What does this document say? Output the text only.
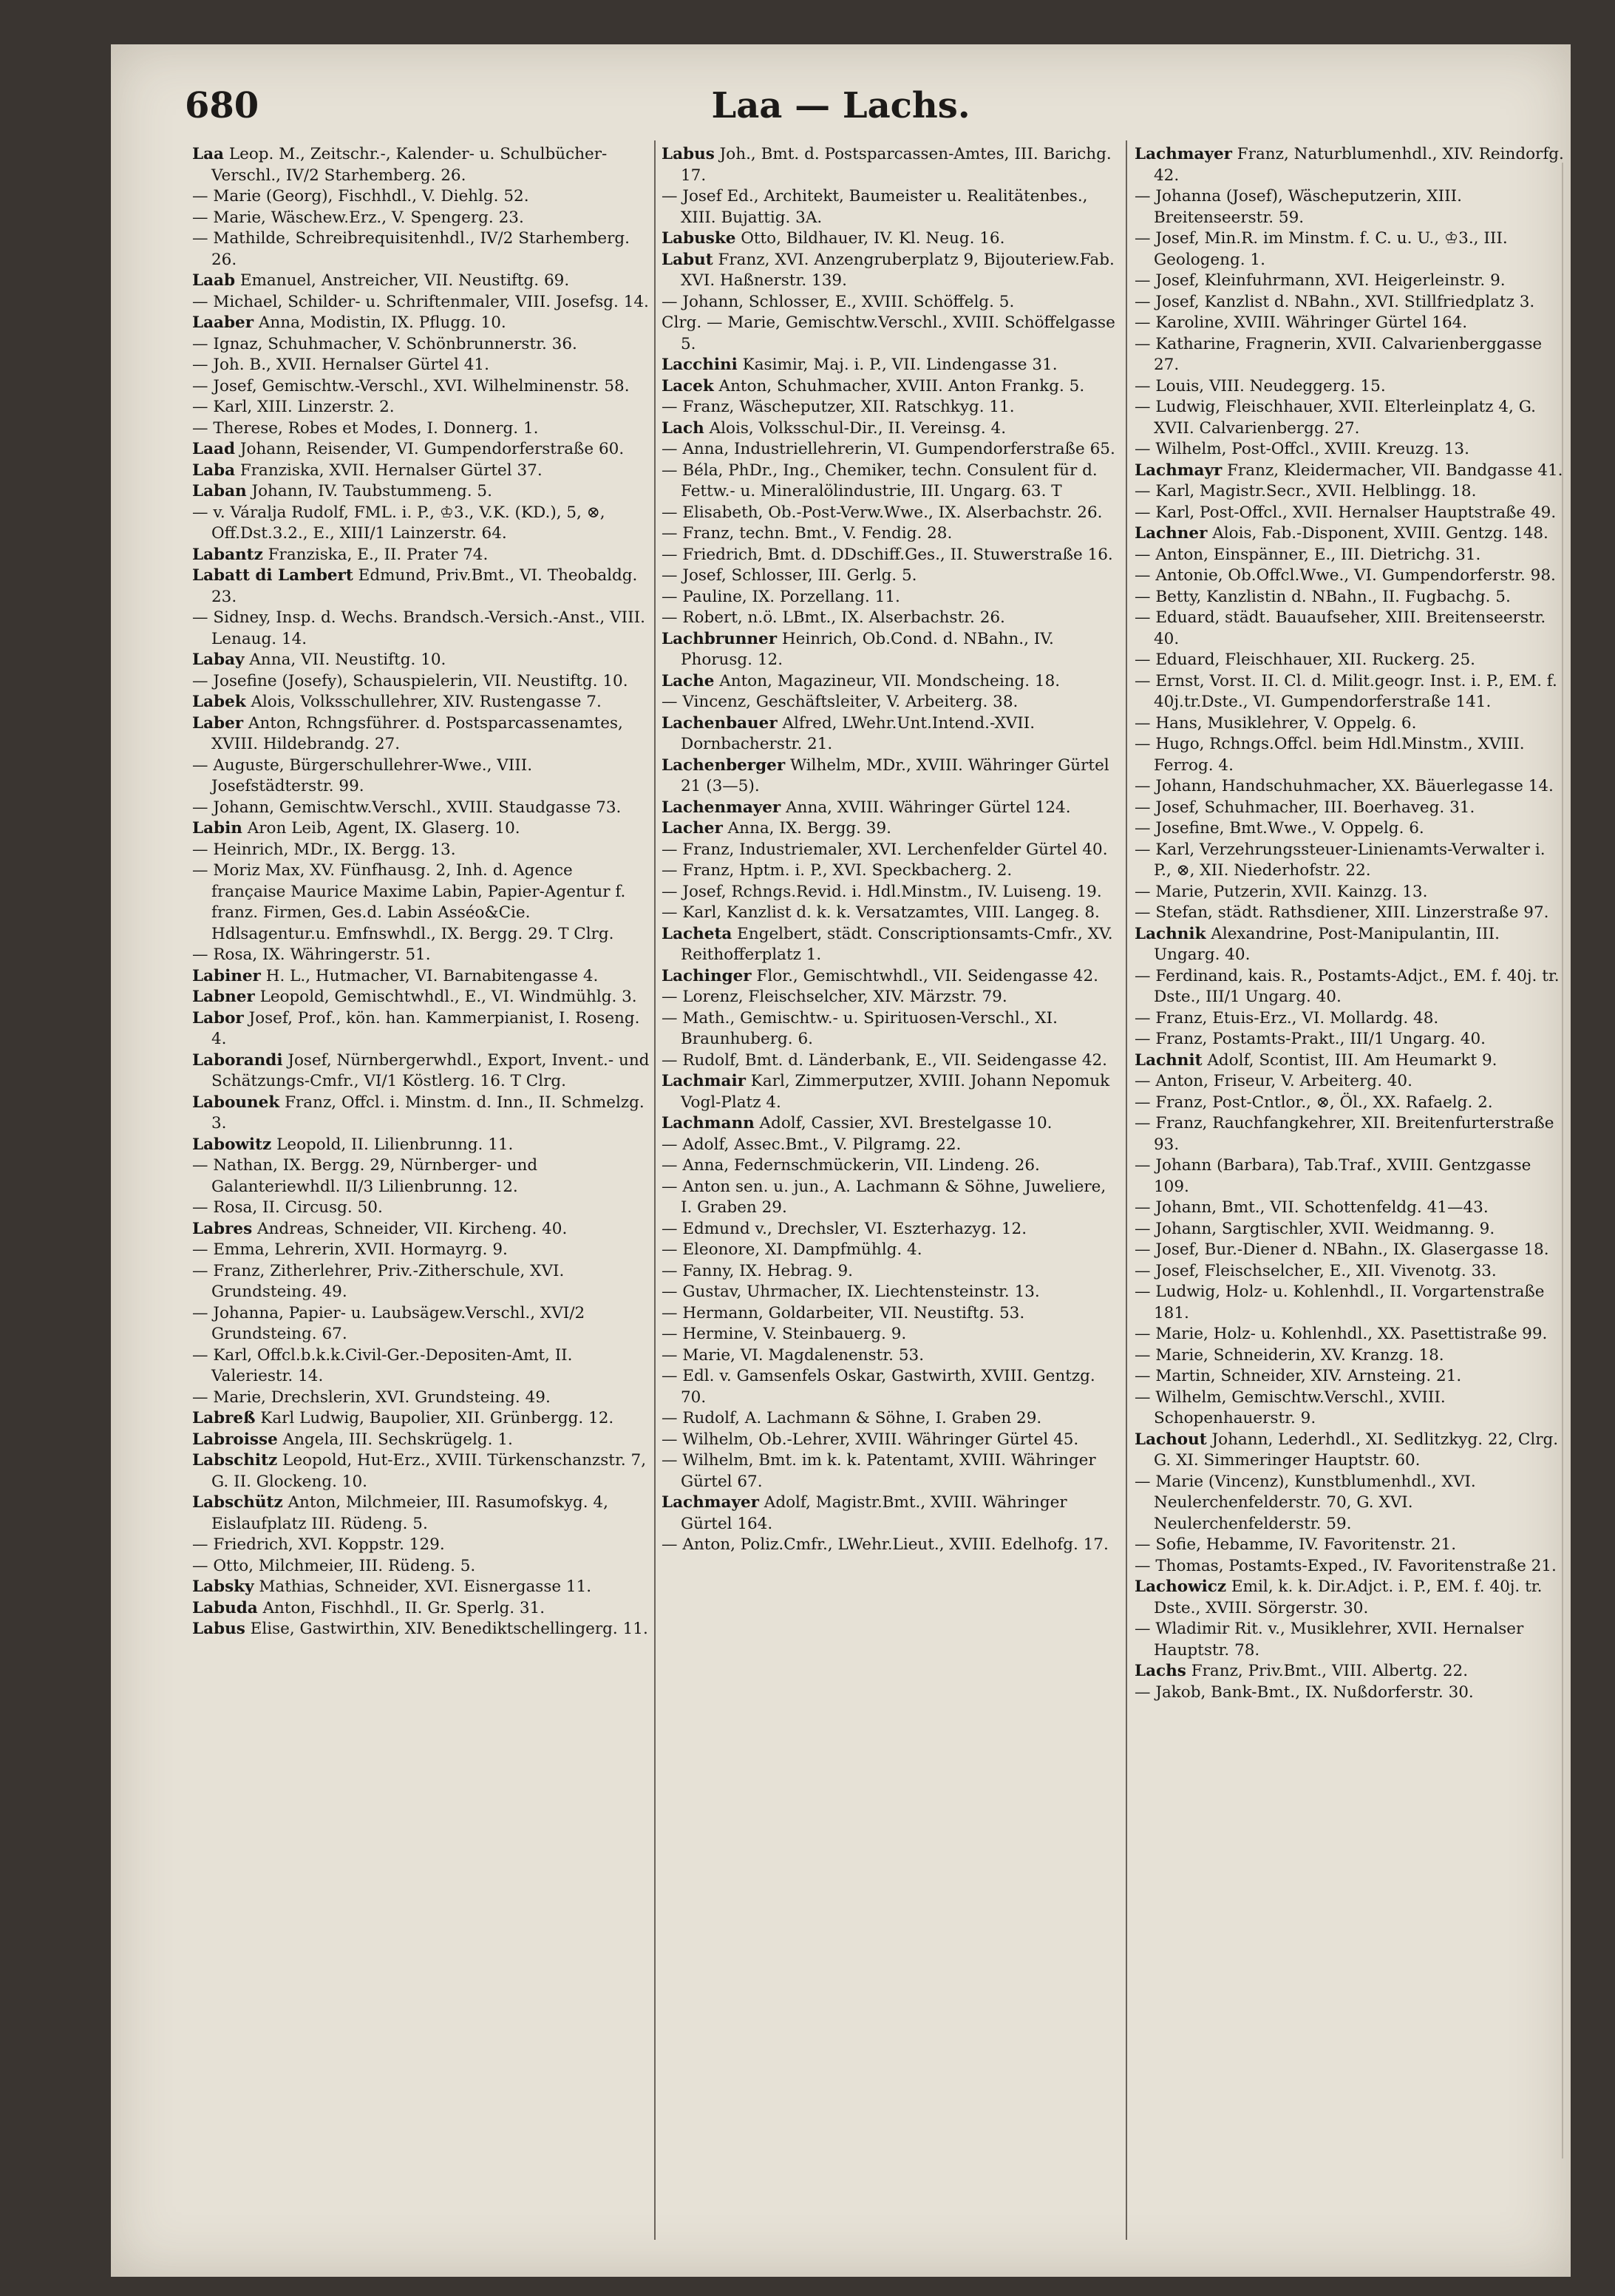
680	Laa — Lachs.

Laa Leop. M., Zeitschr.-, Kalender- u. Schulbücher-Verschl., IV/2 Starhemberg. 26.

— Marie (Georg), Fischhdl., V. Diehlg. 52.

— Marie, Wäschew.Erz., V. Spengerg. 23.

— Mathilde, Schreibrequisitenhdl., IV/2 Starhemberg. 26.

Laab Emanuel, Anstreicher, VII. Neustiftg. 69.

— Michael, Schilder- u. Schriftenmaler, VIII. Josefsg. 14.

Laaber Anna, Modistin, IX. Pflugg. 10.

— Ignaz, Schuhmacher, V. Schönbrunnerstr. 36.

— Joh. B., XVII. Hernalser Gürtel 41.

— Josef, Gemischtw.-Verschl., XVI. Wilhelminenstr. 58.

— Karl, XIII. Linzerstr. 2.

— Therese, Robes et Modes, I. Donnerg. 1.

Laad Johann, Reisender, VI. Gumpendorferstraße 60.

Laba Franziska, XVII. Hernalser Gürtel 37.

Laban Johann, IV. Taubstummeng. 5.

— v. Váralja Rudolf, FML. i. P., ♔3., V.K. (KD.), 5, ⊗, Off.Dst.3.2., E., XIII/1 Lainzerstr. 64.

Labantz Franziska, E., II. Prater 74.

Labatt di Lambert Edmund, Priv.Bmt., VI. Theobaldg. 23.

— Sidney, Insp. d. Wechs. Brandsch.-Versich.-Anst., VIII. Lenaug. 14.

Labay Anna, VII. Neustiftg. 10.

— Josefine (Josefy), Schauspielerin, VII. Neustiftg. 10.

Labek Alois, Volksschullehrer, XIV. Rustengasse 7.

Laber Anton, Rchngsführer. d. Postsparcassenamtes, XVIII. Hildebrandg. 27.

— Auguste, Bürgerschullehrer-Wwe., VIII. Josefstädterstr. 99.

— Johann, Gemischtw.Verschl., XVIII. Staudgasse 73.

Labin Aron Leib, Agent, IX. Glaserg. 10.

— Heinrich, MDr., IX. Bergg. 13.

— Moriz Max, XV. Fünfhausg. 2, Inh. d. Agence française Maurice Maxime Labin, Papier-Agentur f. franz. Firmen, Ges.d. Labin Asséo&Cie. Hdlsagentur.u. Emfnswhdl., IX. Bergg. 29. T Clrg.

— Rosa, IX. Währingerstr. 51.

Labiner H. L., Hutmacher, VI. Barnabitengasse 4.

Labner Leopold, Gemischtwhdl., E., VI. Windmühlg. 3.

Labor Josef, Prof., kön. han. Kammerpianist, I. Roseng. 4.

Laborandi Josef, Nürnbergerwhdl., Export, Invent.- und Schätzungs-Cmfr., VI/1 Köstlerg. 16. T Clrg.

Labounek Franz, Offcl. i. Minstm. d. Inn., II. Schmelzg. 3.

Labowitz Leopold, II. Lilienbrunng. 11.

— Nathan, IX. Bergg. 29, Nürnberger- und Galanteriewhdl. II/3 Lilienbrunng. 12.

— Rosa, II. Circusg. 50.

Labres Andreas, Schneider, VII. Kircheng. 40.

— Emma, Lehrerin, XVII. Hormayrg. 9.

— Franz, Zitherlehrer, Priv.-Zitherschule, XVI. Grundsteing. 49.

— Johanna, Papier- u. Laubsägew.Verschl., XVI/2 Grundsteing. 67.

— Karl, Offcl.b.k.k.Civil-Ger.-Depositen-Amt, II. Valeriestr. 14.

— Marie, Drechslerin, XVI. Grundsteing. 49.

Labreß Karl Ludwig, Baupolier, XII. Grünbergg. 12.

Labroisse Angela, III. Sechskrügelg. 1.

Labschitz Leopold, Hut-Erz., XVIII. Türkenschanzstr. 7, G. II. Glockeng. 10.

Labschütz Anton, Milchmeier, III. Rasumofskyg. 4, Eislaufplatz III. Rüdeng. 5.

— Friedrich, XVI. Koppstr. 129.

— Otto, Milchmeier, III. Rüdeng. 5.

Labsky Mathias, Schneider, XVI. Eisnergasse 11.

Labuda Anton, Fischhdl., II. Gr. Sperlg. 31.

Labus Elise, Gastwirthin, XIV. Benediktschellingerg. 11.

Labus Joh., Bmt. d. Postsparcassen-Amtes, III. Barichg. 17.

— Josef Ed., Architekt, Baumeister u. Realitätenbes., XIII. Bujattig. 3A.

Labuske Otto, Bildhauer, IV. Kl. Neug. 16.

Labut Franz, XVI. Anzengruberplatz 9, Bijouteriew.Fab. XVI. Haßnerstr. 139.

— Johann, Schlosser, E., XVIII. Schöffelg. 5.

Clrg. — Marie, Gemischtw.Verschl., XVIII. Schöffelgasse 5.

Lacchini Kasimir, Maj. i. P., VII. Lindengasse 31.

Lacek Anton, Schuhmacher, XVIII. Anton Frankg. 5.

— Franz, Wäscheputzer, XII. Ratschkyg. 11.

Lach Alois, Volksschul-Dir., II. Vereinsg. 4.

— Anna, Industriellehrerin, VI. Gumpendorferstraße 65.

— Béla, PhDr., Ing., Chemiker, techn. Consulent für d. Fettw.- u. Mineralölindustrie, III. Ungarg. 63. T

— Elisabeth, Ob.-Post-Verw.Wwe., IX. Alserbachstr. 26.

— Franz, techn. Bmt., V. Fendig. 28.

— Friedrich, Bmt. d. DDschiff.Ges., II. Stuwerstraße 16.

— Josef, Schlosser, III. Gerlg. 5.

— Pauline, IX. Porzellang. 11.

— Robert, n.ö. LBmt., IX. Alserbachstr. 26.

Lachbrunner Heinrich, Ob.Cond. d. NBahn., IV. Phorusg. 12.

Lache Anton, Magazineur, VII. Mondscheing. 18.

— Vincenz, Geschäftsleiter, V. Arbeiterg. 38.

Lachenbauer Alfred, LWehr.Unt.Intend.-XVII. Dornbacherstr. 21.

Lachenberger Wilhelm, MDr., XVIII. Währinger Gürtel 21 (3—5).

Lachenmayer Anna, XVIII. Währinger Gürtel 124.

Lacher Anna, IX. Bergg. 39.

— Franz, Industriemaler, XVI. Lerchenfelder Gürtel 40.

— Franz, Hptm. i. P., XVI. Speckbacherg. 2.

— Josef, Rchngs.Revid. i. Hdl.Minstm., IV. Luiseng. 19.

— Karl, Kanzlist d. k. k. Versatzamtes, VIII. Langeg. 8.

Lacheta Engelbert, städt. Conscriptionsamts-Cmfr., XV. Reithofferplatz 1.

Lachinger Flor., Gemischtwhdl., VII. Seidengasse 42.

— Lorenz, Fleischselcher, XIV. Märzstr. 79.

— Math., Gemischtw.- u. Spirituosen-Verschl., XI. Braunhuberg. 6.

— Rudolf, Bmt. d. Länderbank, E., VII. Seidengasse 42.

Lachmair Karl, Zimmerputzer, XVIII. Johann Nepomuk Vogl-Platz 4.

Lachmann Adolf, Cassier, XVI. Brestelgasse 10.

— Adolf, Assec.Bmt., V. Pilgramg. 22.

— Anna, Federnschmückerin, VII. Lindeng. 26.

— Anton sen. u. jun., A. Lachmann & Söhne, Juweliere, I. Graben 29.

— Edmund v., Drechsler, VI. Eszterhazyg. 12.

— Eleonore, XI. Dampfmühlg. 4.

— Fanny, IX. Hebrag. 9.

— Gustav, Uhrmacher, IX. Liechtensteinstr. 13.

— Hermann, Goldarbeiter, VII. Neustiftg. 53.

— Hermine, V. Steinbauerg. 9.

— Marie, VI. Magdalenenstr. 53.

— Edl. v. Gamsenfels Oskar, Gastwirth, XVIII. Gentzg. 70.

— Rudolf, A. Lachmann & Söhne, I. Graben 29.

— Wilhelm, Ob.-Lehrer, XVIII. Währinger Gürtel 45.

— Wilhelm, Bmt. im k. k. Patentamt, XVIII. Währinger Gürtel 67.

Lachmayer Adolf, Magistr.Bmt., XVIII. Währinger Gürtel 164.

— Anton, Poliz.Cmfr., LWehr.Lieut., XVIII. Edelhofg. 17.

Lachmayer Franz, Naturblumenhdl., XIV. Reindorfg. 42.

— Johanna (Josef), Wäscheputzerin, XIII. Breitenseerstr. 59.

— Josef, Min.R. im Minstm. f. C. u. U., ♔3., III. Geologeng. 1.

— Josef, Kleinfuhrmann, XVI. Heigerleinstr. 9.

— Josef, Kanzlist d. NBahn., XVI. Stillfriedplatz 3.

— Karoline, XVIII. Währinger Gürtel 164.

— Katharine, Fragnerin, XVII. Calvarienberggasse 27.

— Louis, VIII. Neudeggerg. 15.

— Ludwig, Fleischhauer, XVII. Elterleinplatz 4, G. XVII. Calvarienbergg. 27.

— Wilhelm, Post-Offcl., XVIII. Kreuzg. 13.

Lachmayr Franz, Kleidermacher, VII. Bandgasse 41.

— Karl, Magistr.Secr., XVII. Helblingg. 18.

— Karl, Post-Offcl., XVII. Hernalser Hauptstraße 49.

Lachner Alois, Fab.-Disponent, XVIII. Gentzg. 148.

— Anton, Einspänner, E., III. Dietrichg. 31.

— Antonie, Ob.Offcl.Wwe., VI. Gumpendorferstr. 98.

— Betty, Kanzlistin d. NBahn., II. Fugbachg. 5.

— Eduard, städt. Bauaufseher, XIII. Breitenseerstr. 40.

— Eduard, Fleischhauer, XII. Ruckerg. 25.

— Ernst, Vorst. II. Cl. d. Milit.geogr. Inst. i. P., EM. f. 40j.tr.Dste., VI. Gumpendorferstraße 141.

— Hans, Musiklehrer, V. Oppelg. 6.

— Hugo, Rchngs.Offcl. beim Hdl.Minstm., XVIII. Ferrog. 4.

— Johann, Handschuhmacher, XX. Bäuerlegasse 14.

— Josef, Schuhmacher, III. Boerhaveg. 31.

— Josefine, Bmt.Wwe., V. Oppelg. 6.

— Karl, Verzehrungssteuer-Linienamts-Verwalter i. P., ⊗, XII. Niederhofstr. 22.

— Marie, Putzerin, XVII. Kainzg. 13.

— Stefan, städt. Rathsdiener, XIII. Linzerstraße 97.

Lachnik Alexandrine, Post-Manipulantin, III. Ungarg. 40.

— Ferdinand, kais. R., Postamts-Adjct., EM. f. 40j. tr. Dste., III/1 Ungarg. 40.

— Franz, Etuis-Erz., VI. Mollardg. 48.

— Franz, Postamts-Prakt., III/1 Ungarg. 40.

Lachnit Adolf, Scontist, III. Am Heumarkt 9.

— Anton, Friseur, V. Arbeiterg. 40.

— Franz, Post-Cntlor., ⊗, Öl., XX. Rafaelg. 2.

— Franz, Rauchfangkehrer, XII. Breitenfurterstraße 93.

— Johann (Barbara), Tab.Traf., XVIII. Gentzgasse 109.

— Johann, Bmt., VII. Schottenfeldg. 41—43.

— Johann, Sargtischler, XVII. Weidmanng. 9.

— Josef, Bur.-Diener d. NBahn., IX. Glasergasse 18.

— Josef, Fleischselcher, E., XII. Vivenotg. 33.

— Ludwig, Holz- u. Kohlenhdl., II. Vorgartenstraße 181.

— Marie, Holz- u. Kohlenhdl., XX. Pasettistraße 99.

— Marie, Schneiderin, XV. Kranzg. 18.

— Martin, Schneider, XIV. Arnsteing. 21.

— Wilhelm, Gemischtw.Verschl., XVIII. Schopenhauerstr. 9.

Lachout Johann, Lederhdl., XI. Sedlitzkyg. 22, Clrg. G. XI. Simmeringer Hauptstr. 60.

— Marie (Vincenz), Kunstblumenhdl., XVI. Neulerchenfelderstr. 70, G. XVI. Neulerchenfelderstr. 59.

— Sofie, Hebamme, IV. Favoritenstr. 21.

— Thomas, Postamts-Exped., IV. Favoritenstraße 21.

Lachowicz Emil, k. k. Dir.Adjct. i. P., EM. f. 40j. tr. Dste., XVIII. Sörgerstr. 30.

— Wladimir Rit. v., Musiklehrer, XVII. Hernalser Hauptstr. 78.

Lachs Franz, Priv.Bmt., VIII. Albertg. 22.

— Jakob, Bank-Bmt., IX. Nußdorferstr. 30.
